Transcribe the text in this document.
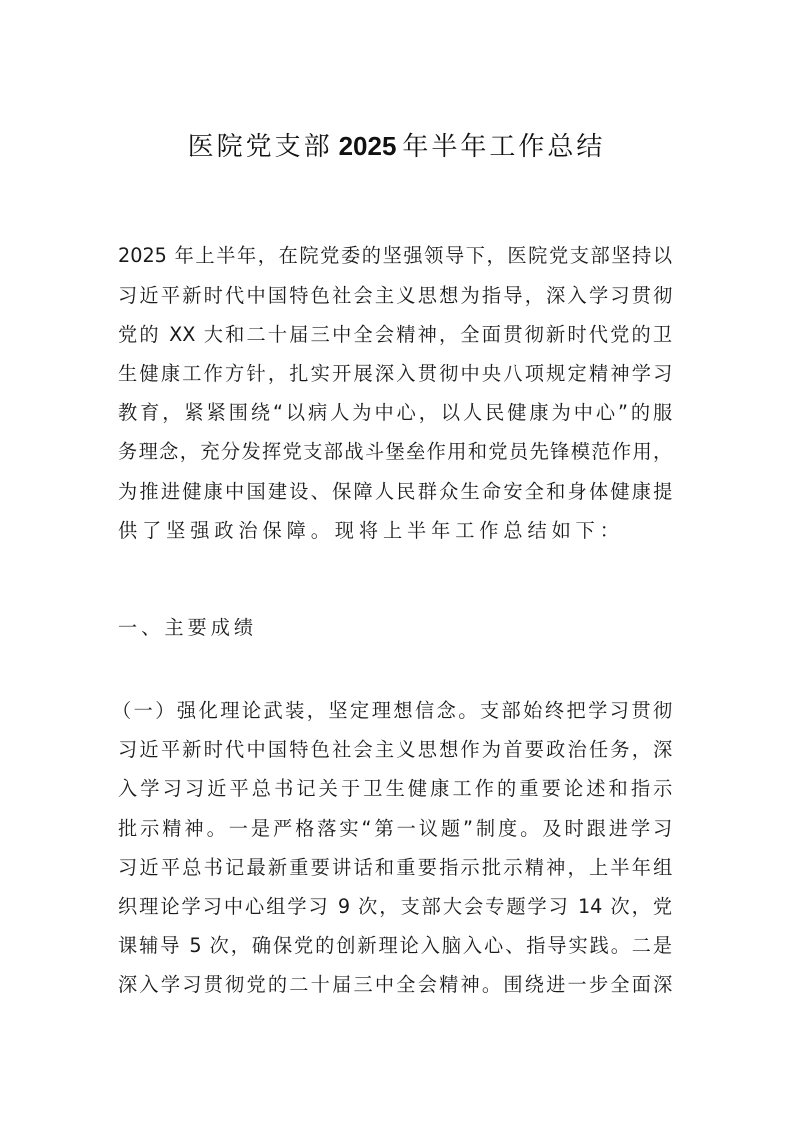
医院党支部 2025 年半年工作总结
2025 年上半年，在院党委的坚强领导下，医院党支部坚持以
习近平新时代中国特色社会主义思想为指导，深入学习贯彻
党的 XX 大和二十届三中全会精神，全面贯彻新时代党的卫
生健康工作方针，扎实开展深入贯彻中央八项规定精神学习
教育，紧紧围绕“以病人为中心，以人民健康为中心”的服
务理念，充分发挥党支部战斗堡垒作用和党员先锋模范作用，
为推进健康中国建设、保障人民群众生命安全和身体健康提
供了坚强政治保障。现将上半年工作总结如下：
一、主要成绩
（一）强化理论武装，坚定理想信念。支部始终把学习贯彻
习近平新时代中国特色社会主义思想作为首要政治任务，深
入学习习近平总书记关于卫生健康工作的重要论述和指示
批示精神。一是严格落实“第一议题”制度。及时跟进学习
习近平总书记最新重要讲话和重要指示批示精神，上半年组
织理论学习中心组学习 9 次，支部大会专题学习 14 次，党
课辅导 5 次，确保党的创新理论入脑入心、指导实践。二是
深入学习贯彻党的二十届三中全会精神。围绕进一步全面深
